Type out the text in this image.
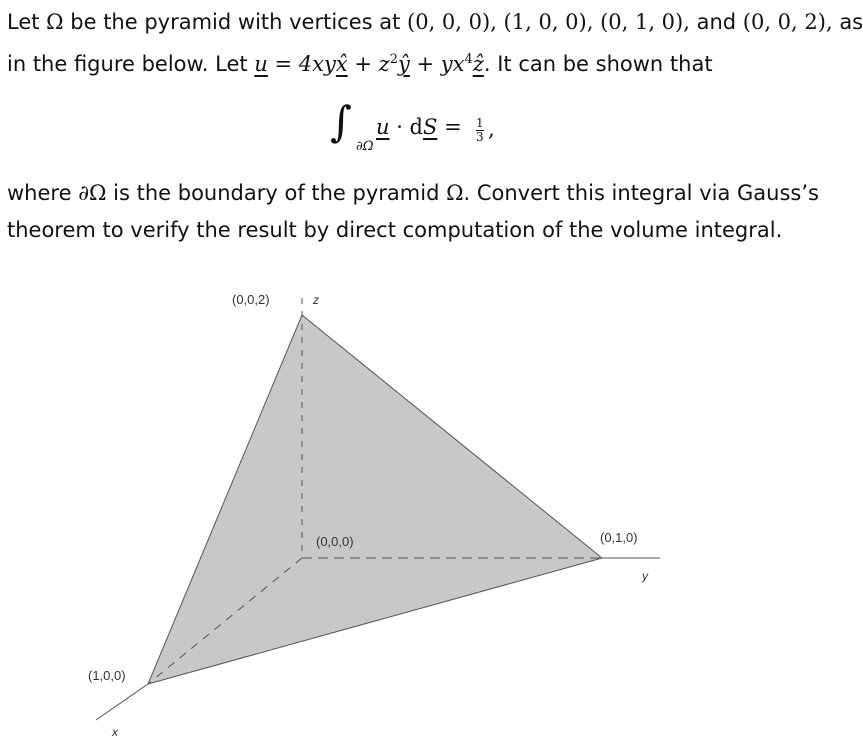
Let Ω be the pyramid with vertices at (0, 0, 0), (1, 0, 0), (0, 1, 0), and (0, 0, 2), as
in the figure below. Let u = 4xyx̂ + $z^2ŷ$ + $yx^4ẑ$. It can be shown that
∫
∂Ω
u · dS = $\frac{1}{3}$ ,
where ∂Ω is the boundary of the pyramid Ω. Convert this integral via Gauss’s
theorem to verify the result by direct computation of the volume integral.
(0,0,2)	z
(0,0,0)	(0,1,0)
y
(1,0,0)
x
